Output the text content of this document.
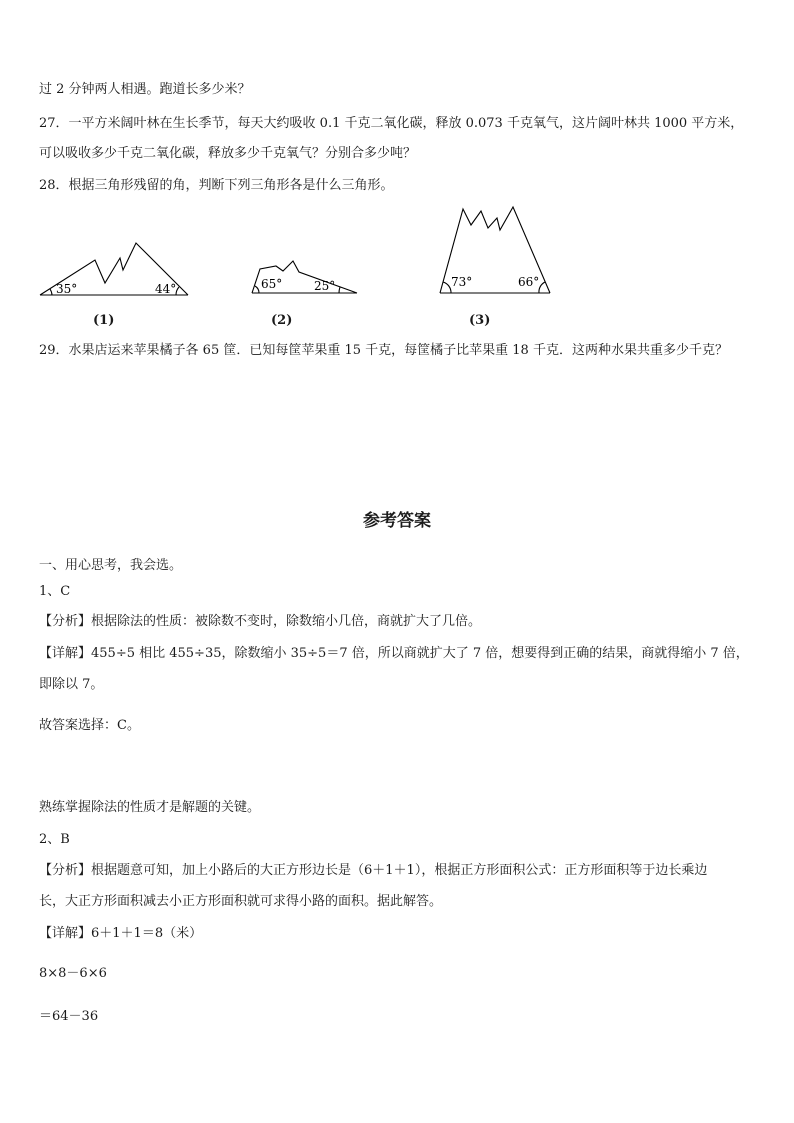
过 2 分钟两人相遇。跑道长多少米？
27．一平方米阔叶林在生长季节，每天大约吸收 0.1 千克二氧化碳，释放 0.073 千克氧气，这片阔叶林共 1000 平方米，
可以吸收多少千克二氧化碳，释放多少千克氧气？分别合多少吨？
28．根据三角形残留的角，判断下列三角形各是什么三角形。
35°	44°	65°	25°	73°	66°
(1)	(2)	(3)
29．水果店运来苹果橘子各 65 筐．已知每筐苹果重 15 千克，每筐橘子比苹果重 18 千克．这两种水果共重多少千克？
参考答案
一、用心思考，我会选。
1、C
【分析】根据除法的性质：被除数不变时，除数缩小几倍，商就扩大了几倍。
【详解】455÷5 相比 455÷35，除数缩小 35÷5＝7 倍，所以商就扩大了 7 倍，想要得到正确的结果，商就得缩小 7 倍，
即除以 7。
故答案选择：C。
熟练掌握除法的性质才是解题的关键。
2、B
【分析】根据题意可知，加上小路后的大正方形边长是（6＋1＋1），根据正方形面积公式：正方形面积等于边长乘边
长，大正方形面积减去小正方形面积就可求得小路的面积。据此解答。
【详解】6＋1＋1＝8（米）
8×8－6×6
＝64－36
